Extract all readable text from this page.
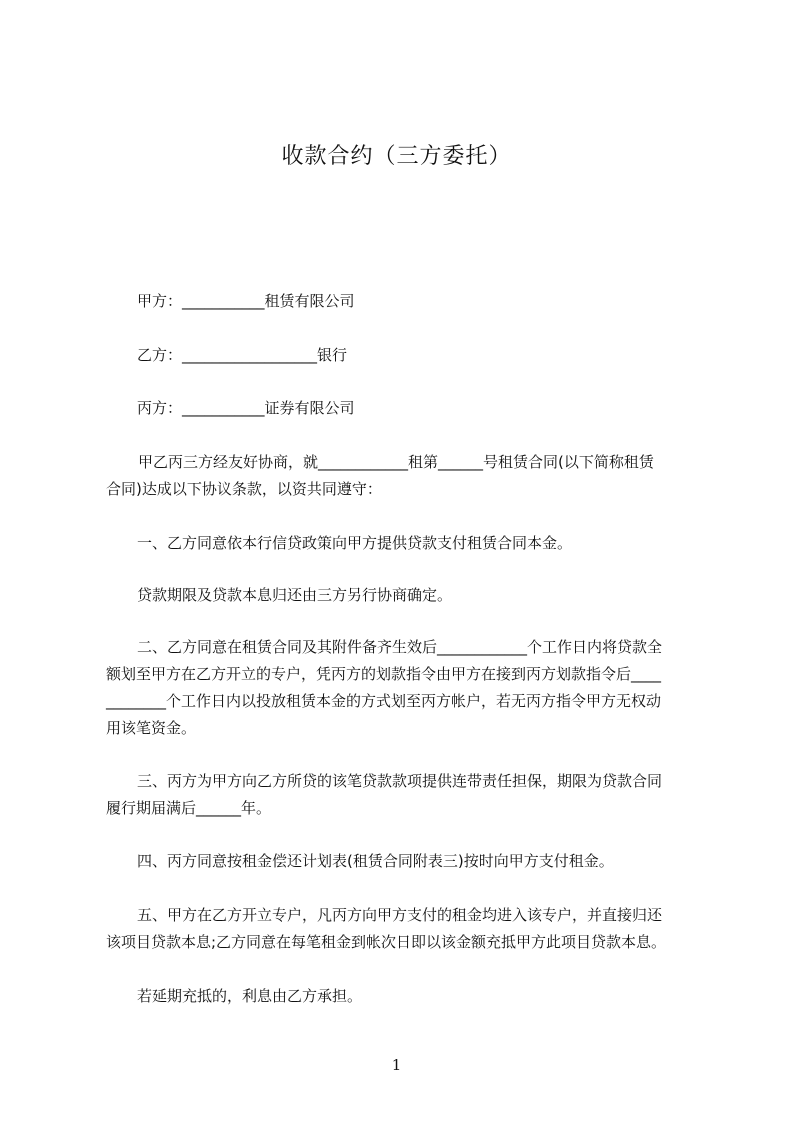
收款合约（三方委托）
甲方：___________租赁有限公司
乙方：__________________银行
丙方：___________证券有限公司
甲乙丙三方经友好协商，就____________租第______号租赁合同(以下简称租赁
合同)达成以下协议条款，以资共同遵守：
一、乙方同意依本行信贷政策向甲方提供贷款支付租赁合同本金。
贷款期限及贷款本息归还由三方另行协商确定。
二、乙方同意在租赁合同及其附件备齐生效后____________个工作日内将贷款全
额划至甲方在乙方开立的专户，凭丙方的划款指令由甲方在接到丙方划款指令后____
________个工作日内以投放租赁本金的方式划至丙方帐户，若无丙方指令甲方无权动
用该笔资金。
三、丙方为甲方向乙方所贷的该笔贷款款项提供连带责任担保，期限为贷款合同
履行期届满后______年。
四、丙方同意按租金偿还计划表(租赁合同附表三)按时向甲方支付租金。
五、甲方在乙方开立专户，凡丙方向甲方支付的租金均进入该专户，并直接归还
该项目贷款本息;乙方同意在每笔租金到帐次日即以该金额充抵甲方此项目贷款本息。
若延期充抵的，利息由乙方承担。
1
